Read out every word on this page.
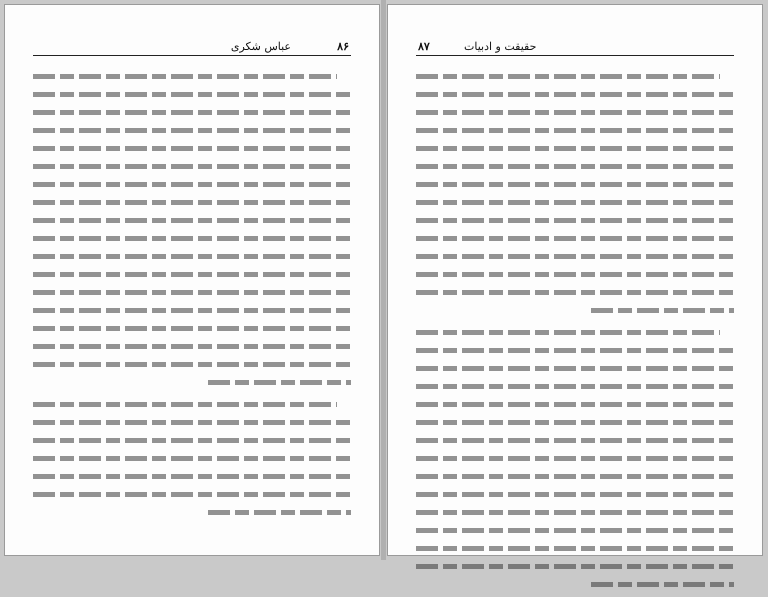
عباس شکری	۸۶	۸۷	حقیقت و ادبیات
